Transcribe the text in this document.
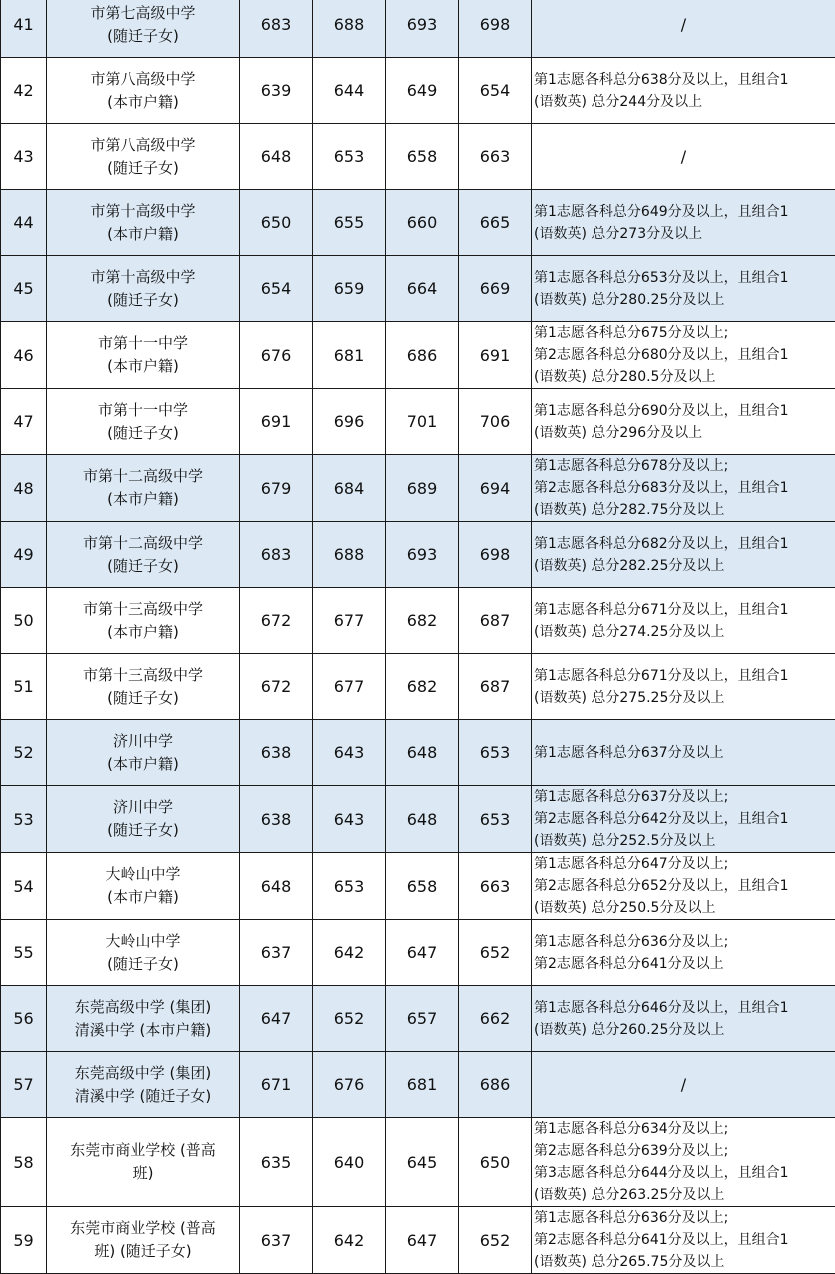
41	市第七高级中学
(随迁子女)	683	688	693	698	/

42	市第八高级中学
(本市户籍)	639	644	649	654	第1志愿各科总分638分及以上，且组合1
(语数英) 总分244分及以上

43	市第八高级中学
(随迁子女)	648	653	658	663	/

44	市第十高级中学
(本市户籍)	650	655	660	665	第1志愿各科总分649分及以上，且组合1
(语数英) 总分273分及以上

45	市第十高级中学
(随迁子女)	654	659	664	669	第1志愿各科总分653分及以上，且组合1
(语数英) 总分280.25分及以上

46	市第十一中学
(本市户籍)	676	681	686	691	第1志愿各科总分675分及以上;
第2志愿各科总分680分及以上，且组合1
(语数英) 总分280.5分及以上

47	市第十一中学
(随迁子女)	691	696	701	706	第1志愿各科总分690分及以上，且组合1
(语数英) 总分296分及以上

48	市第十二高级中学
(本市户籍)	679	684	689	694	第1志愿各科总分678分及以上;
第2志愿各科总分683分及以上，且组合1
(语数英) 总分282.75分及以上

49	市第十二高级中学
(随迁子女)	683	688	693	698	第1志愿各科总分682分及以上，且组合1
(语数英) 总分282.25分及以上

50	市第十三高级中学
(本市户籍)	672	677	682	687	第1志愿各科总分671分及以上，且组合1
(语数英) 总分274.25分及以上

51	市第十三高级中学
(随迁子女)	672	677	682	687	第1志愿各科总分671分及以上，且组合1
(语数英) 总分275.25分及以上

52	济川中学
(本市户籍)	638	643	648	653	第1志愿各科总分637分及以上

53	济川中学
(随迁子女)	638	643	648	653	第1志愿各科总分637分及以上;
第2志愿各科总分642分及以上，且组合1
(语数英) 总分252.5分及以上

54	大岭山中学
(本市户籍)	648	653	658	663	第1志愿各科总分647分及以上;
第2志愿各科总分652分及以上，且组合1
(语数英) 总分250.5分及以上

55	大岭山中学
(随迁子女)	637	642	647	652	第1志愿各科总分636分及以上;
第2志愿各科总分641分及以上

56	东莞高级中学 (集团)
清溪中学 (本市户籍)	647	652	657	662	第1志愿各科总分646分及以上，且组合1
(语数英) 总分260.25分及以上

57	东莞高级中学 (集团)
清溪中学 (随迁子女)	671	676	681	686	/

58	东莞市商业学校 (普高
班)	635	640	645	650	第1志愿各科总分634分及以上;
第2志愿各科总分639分及以上;
第3志愿各科总分644分及以上，且组合1
(语数英) 总分263.25分及以上

59	东莞市商业学校 (普高
班) (随迁子女)	637	642	647	652	第1志愿各科总分636分及以上;
第2志愿各科总分641分及以上，且组合1
(语数英) 总分265.75分及以上
